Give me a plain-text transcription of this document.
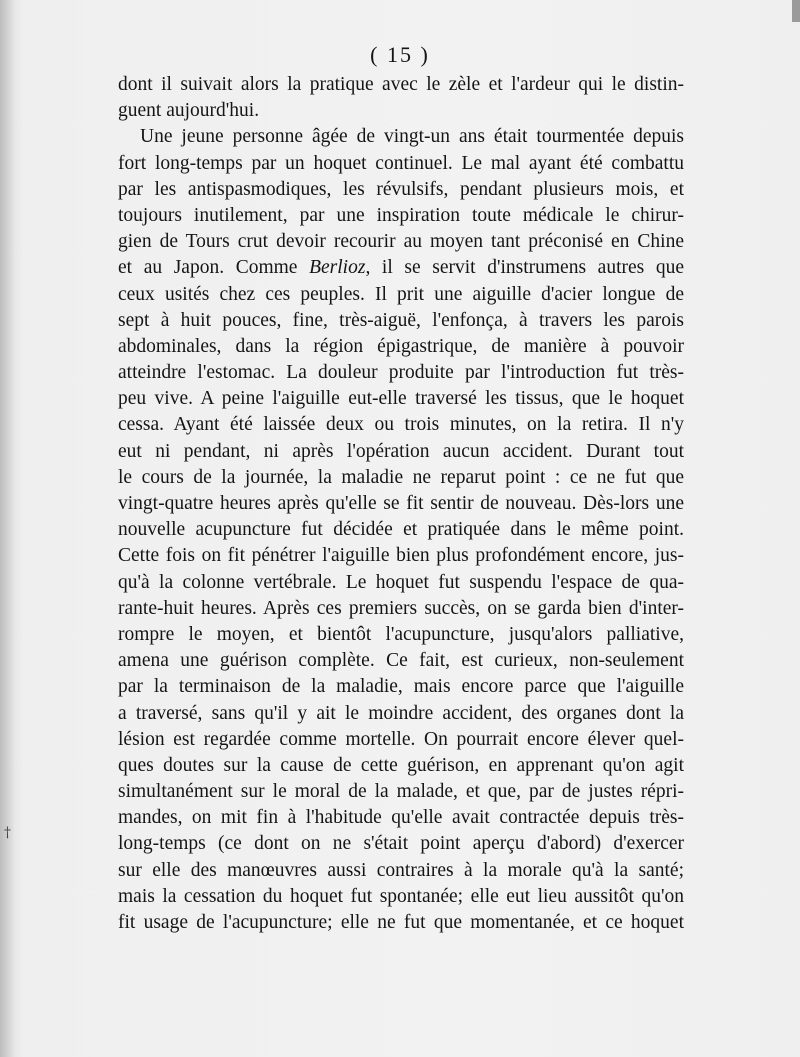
( 15 )
dont il suivait alors la pratique avec le zèle et l'ardeur qui le distin-
guent aujourd'hui.
Une jeune personne âgée de vingt-un ans était tourmentée depuis
fort long-temps par un hoquet continuel. Le mal ayant été combattu
par les antispasmodiques, les révulsifs, pendant plusieurs mois, et
toujours inutilement, par une inspiration toute médicale le chirur-
gien de Tours crut devoir recourir au moyen tant préconisé en Chine
et au Japon. Comme Berlioz, il se servit d'instrumens autres que
ceux usités chez ces peuples. Il prit une aiguille d'acier longue de
sept à huit pouces, fine, très-aiguë, l'enfonça, à travers les parois
abdominales, dans la région épigastrique, de manière à pouvoir
atteindre l'estomac. La douleur produite par l'introduction fut très-
peu vive. A peine l'aiguille eut-elle traversé les tissus, que le hoquet
cessa. Ayant été laissée deux ou trois minutes, on la retira. Il n'y
eut ni pendant, ni après l'opération aucun accident. Durant tout
le cours de la journée, la maladie ne reparut point : ce ne fut que
vingt-quatre heures après qu'elle se fit sentir de nouveau. Dès-lors une
nouvelle acupuncture fut décidée et pratiquée dans le même point.
Cette fois on fit pénétrer l'aiguille bien plus profondément encore, jus-
qu'à la colonne vertébrale. Le hoquet fut suspendu l'espace de qua-
rante-huit heures. Après ces premiers succès, on se garda bien d'inter-
rompre le moyen, et bientôt l'acupuncture, jusqu'alors palliative,
amena une guérison complète. Ce fait, est curieux, non-seulement
par la terminaison de la maladie, mais encore parce que l'aiguille
a traversé, sans qu'il y ait le moindre accident, des organes dont la
lésion est regardée comme mortelle. On pourrait encore élever quel-
ques doutes sur la cause de cette guérison, en apprenant qu'on agit
simultanément sur le moral de la malade, et que, par de justes répri-
mandes, on mit fin à l'habitude qu'elle avait contractée depuis très-
long-temps (ce dont on ne s'était point aperçu d'abord) d'exercer
sur elle des manœuvres aussi contraires à la morale qu'à la santé;
mais la cessation du hoquet fut spontanée; elle eut lieu aussitôt qu'on
fit usage de l'acupuncture; elle ne fut que momentanée, et ce hoquet
†
